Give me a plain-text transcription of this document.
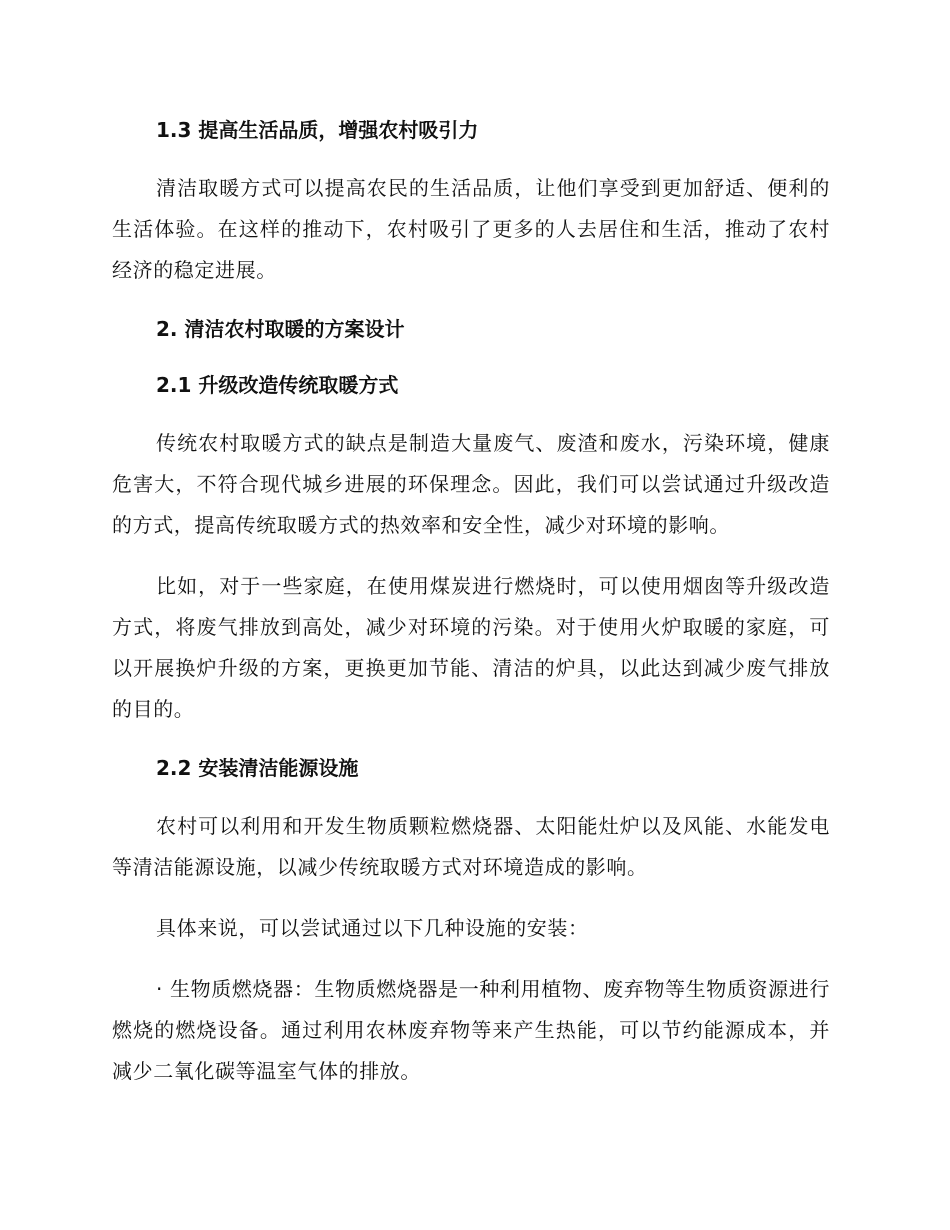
1.3 提高生活品质，增强农村吸引力

清洁取暖方式可以提高农民的生活品质，让他们享受到更加舒适、便利的生活体验。在这样的推动下，农村吸引了更多的人去居住和生活，推动了农村经济的稳定进展。

2. 清洁农村取暖的方案设计
2.1 升级改造传统取暖方式

传统农村取暖方式的缺点是制造大量废气、废渣和废水，污染环境，健康危害大，不符合现代城乡进展的环保理念。因此，我们可以尝试通过升级改造的方式，提高传统取暖方式的热效率和安全性，减少对环境的影响。

比如，对于一些家庭，在使用煤炭进行燃烧时，可以使用烟囱等升级改造方式，将废气排放到高处，减少对环境的污染。对于使用火炉取暖的家庭，可以开展换炉升级的方案，更换更加节能、清洁的炉具，以此达到减少废气排放的目的。

2.2 安装清洁能源设施

农村可以利用和开发生物质颗粒燃烧器、太阳能灶炉以及风能、水能发电等清洁能源设施，以减少传统取暖方式对环境造成的影响。

具体来说，可以尝试通过以下几种设施的安装：

· 生物质燃烧器：生物质燃烧器是一种利用植物、废弃物等生物质资源进行燃烧的燃烧设备。通过利用农林废弃物等来产生热能，可以节约能源成本，并减少二氧化碳等温室气体的排放。
